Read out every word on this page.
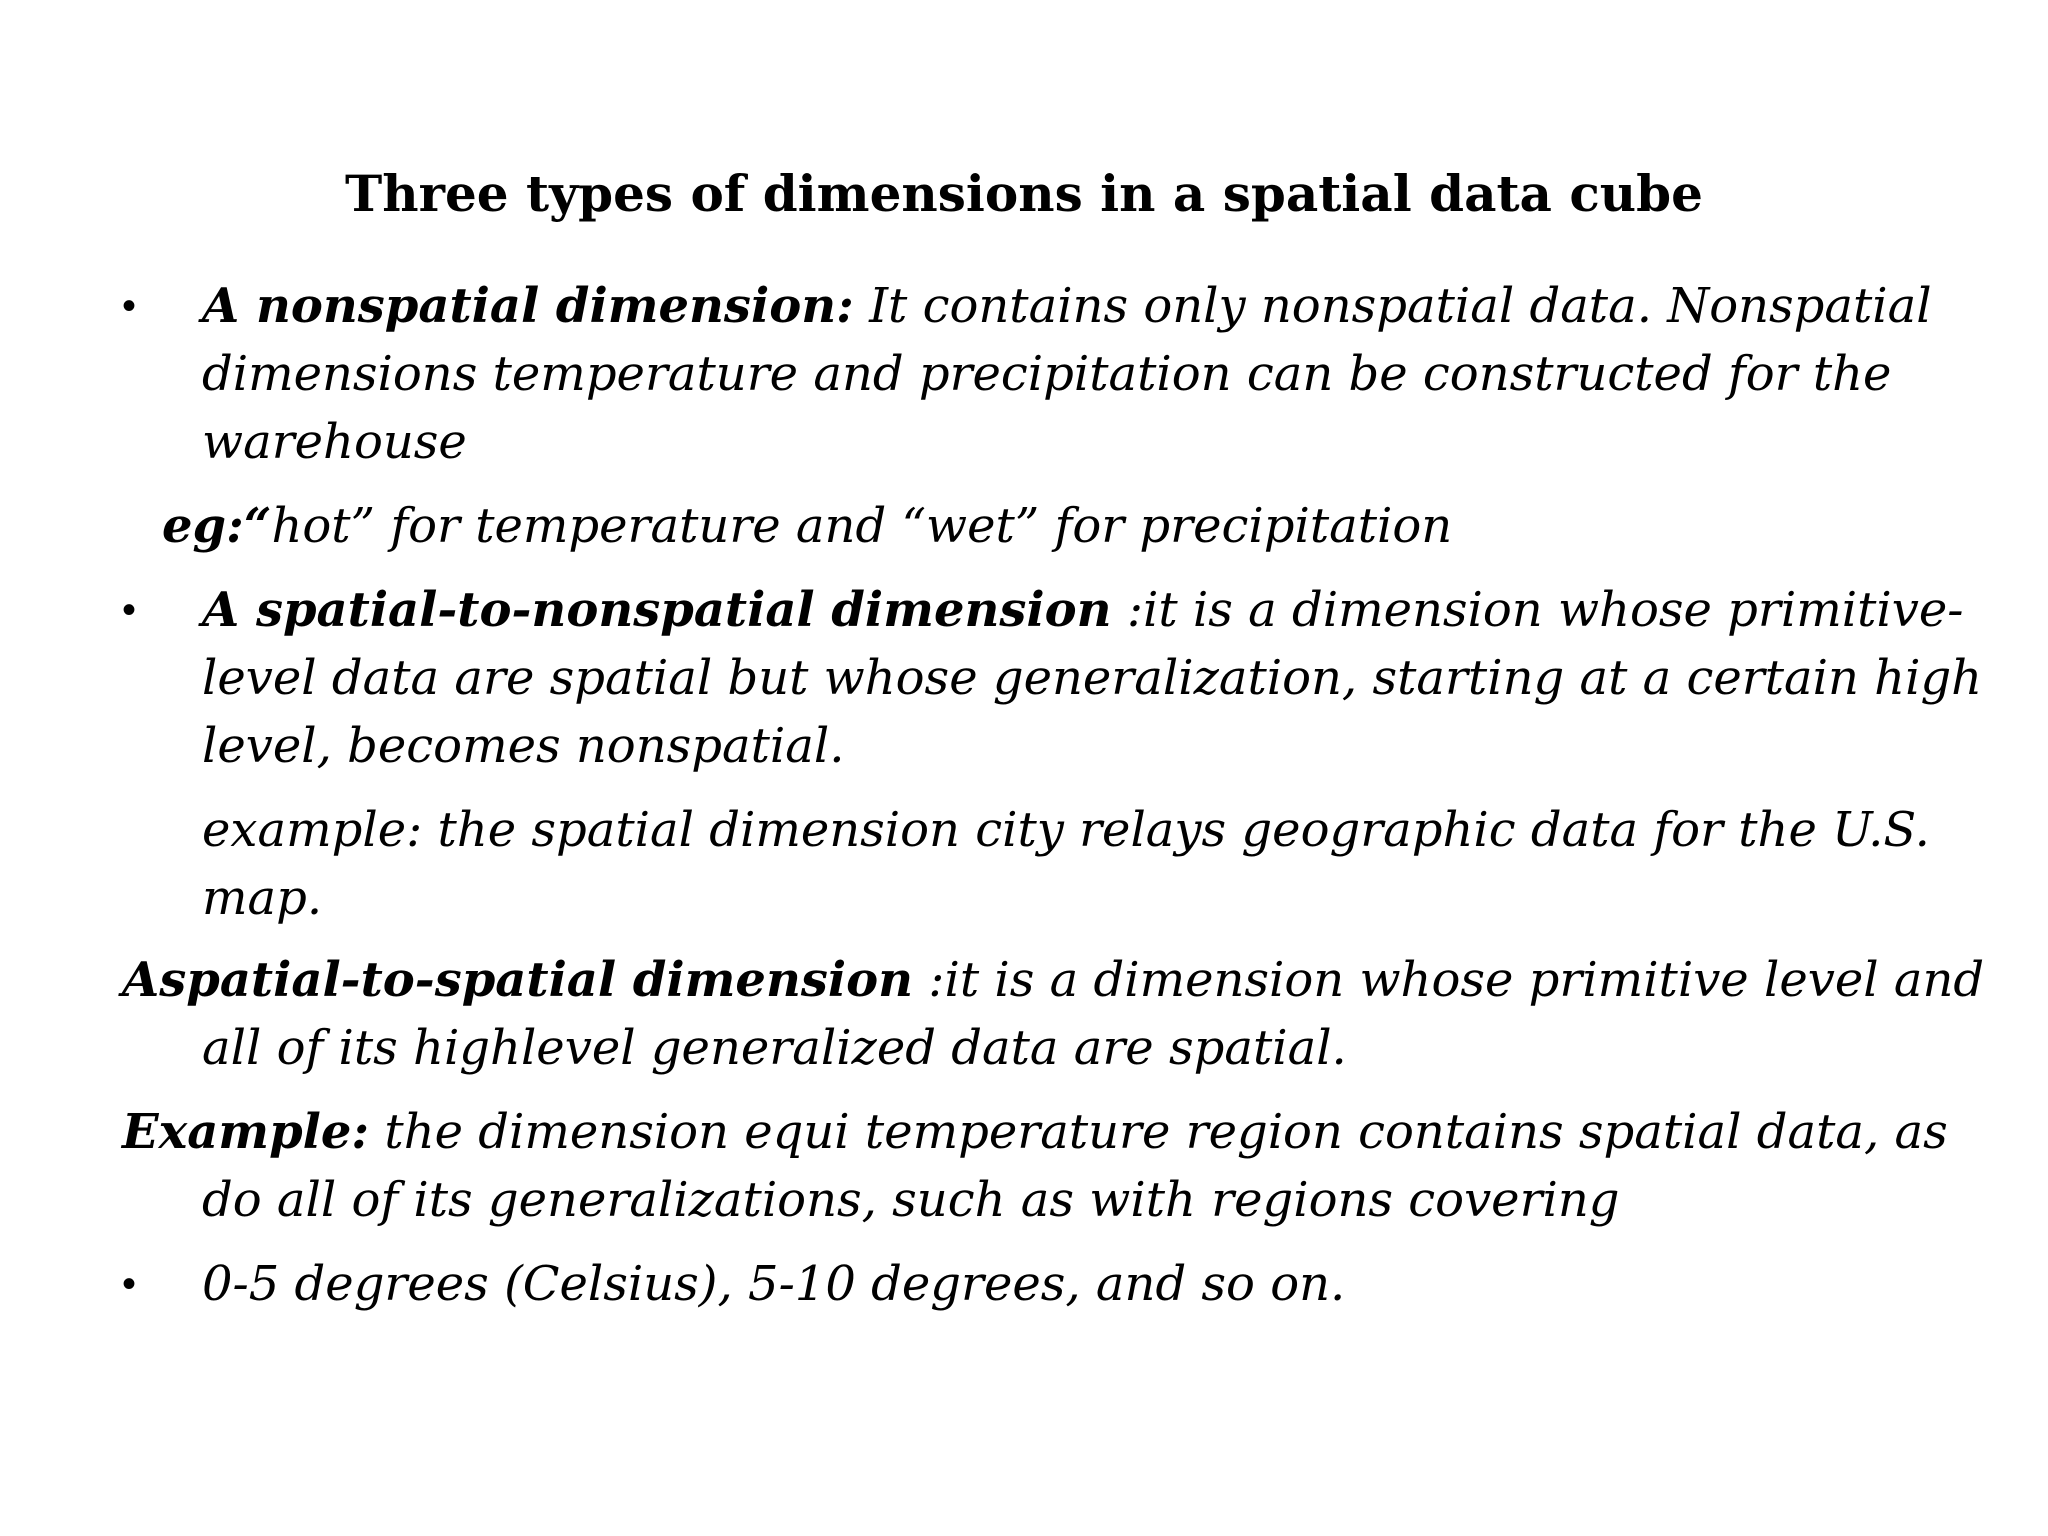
Three types of dimensions in a spatial data cube
• A nonspatial dimension: It contains only nonspatial data. Nonspatial
dimensions temperature and precipitation can be constructed for the
warehouse
eg:“hot” for temperature and “wet” for precipitation
• A spatial-to-nonspatial dimension :it is a dimension whose primitive-
level data are spatial but whose generalization, starting at a certain high
level, becomes nonspatial.
example: the spatial dimension city relays geographic data for the U.S.
map.
Aspatial-to-spatial dimension :it is a dimension whose primitive level and
all of its highlevel generalized data are spatial.
Example: the dimension equi temperature region contains spatial data, as
do all of its generalizations, such as with regions covering
• 0-5 degrees (Celsius), 5-10 degrees, and so on.
